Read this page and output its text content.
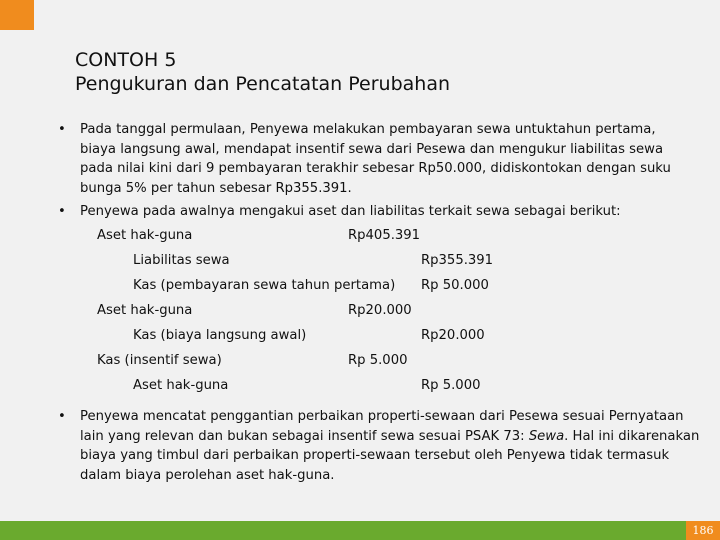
CONTOH 5
Pengukuran dan Pencatatan Perubahan
• Pada tanggal permulaan, Penyewa melakukan pembayaran sewa untuktahun pertama,
biaya langsung awal, mendapat insentif sewa dari Pesewa dan mengukur liabilitas sewa
pada nilai kini dari 9 pembayaran terakhir sebesar Rp50.000, didiskontokan dengan suku
bunga 5% per tahun sebesar Rp355.391.
• Penyewa pada awalnya mengakui aset dan liabilitas terkait sewa sebagai berikut:
Aset hak-guna	Rp405.391
Liabilitas sewa	Rp355.391
Kas (pembayaran sewa tahun pertama) Rp 50.000
Aset hak-guna	Rp20.000
Kas (biaya langsung awal)	Rp20.000
Kas (insentif sewa)	Rp 5.000
Aset hak-guna	Rp 5.000
• Penyewa mencatat penggantian perbaikan properti-sewaan dari Pesewa sesuai Pernyataan
lain yang relevan dan bukan sebagai insentif sewa sesuai PSAK 73: Sewa. Hal ini dikarenakan
biaya yang timbul dari perbaikan properti-sewaan tersebut oleh Penyewa tidak termasuk
dalam biaya perolehan aset hak-guna.
186
